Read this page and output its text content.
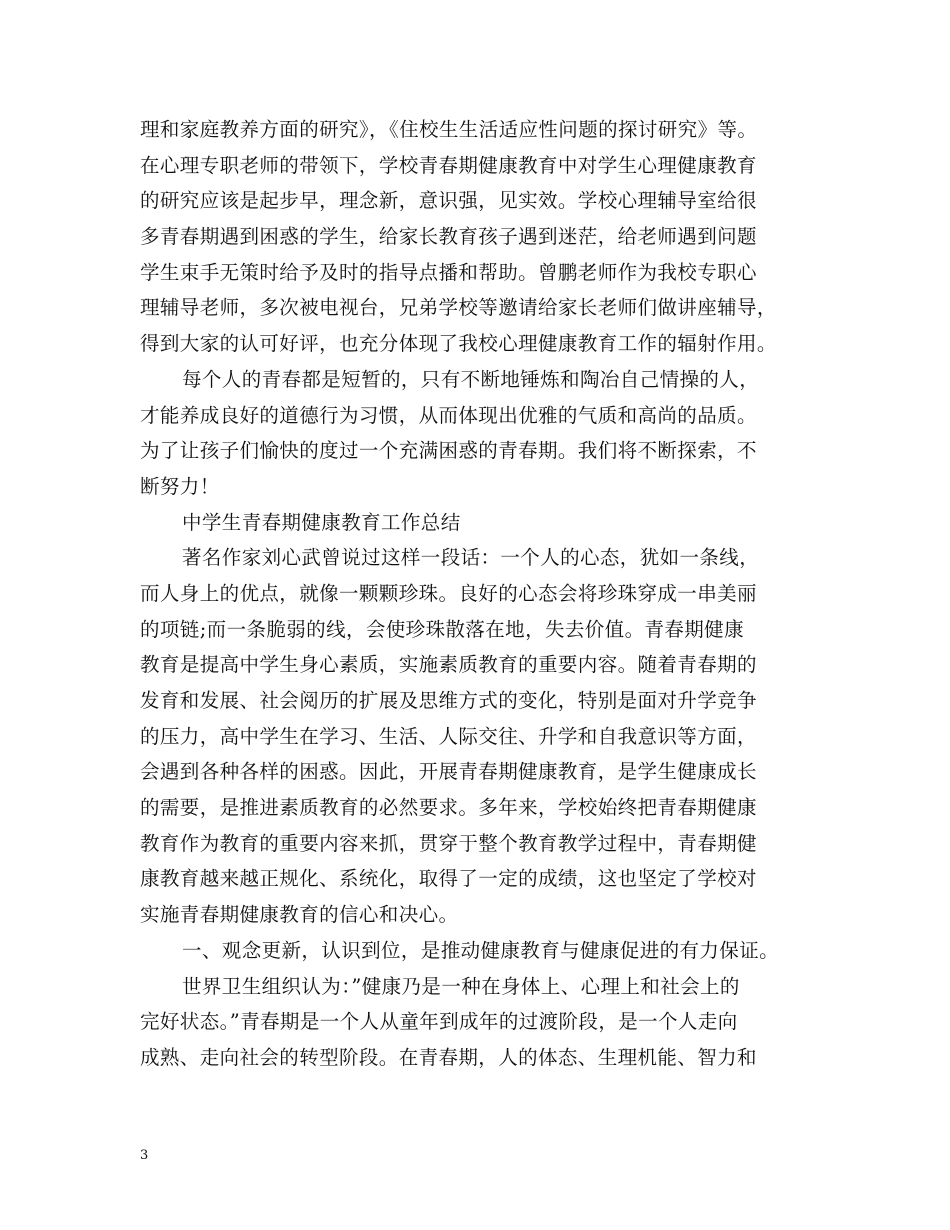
理和家庭教养方面的研究》，《住校生生活适应性问题的探讨研究》等。
在心理专职老师的带领下，学校青春期健康教育中对学生心理健康教育
的研究应该是起步早，理念新，意识强，见实效。学校心理辅导室给很
多青春期遇到困惑的学生，给家长教育孩子遇到迷茫，给老师遇到问题
学生束手无策时给予及时的指导点播和帮助。曾鹏老师作为我校专职心
理辅导老师，多次被电视台，兄弟学校等邀请给家长老师们做讲座辅导，
得到大家的认可好评，也充分体现了我校心理健康教育工作的辐射作用。
每个人的青春都是短暂的，只有不断地锤炼和陶冶自己情操的人，
才能养成良好的道德行为习惯，从而体现出优雅的气质和高尚的品质。
为了让孩子们愉快的度过一个充满困惑的青春期。我们将不断探索，不
断努力！
中学生青春期健康教育工作总结
著名作家刘心武曾说过这样一段话：一个人的心态，犹如一条线，
而人身上的优点，就像一颗颗珍珠。良好的心态会将珍珠穿成一串美丽
的项链;而一条脆弱的线，会使珍珠散落在地，失去价值。青春期健康
教育是提高中学生身心素质，实施素质教育的重要内容。随着青春期的
发育和发展、社会阅历的扩展及思维方式的变化，特别是面对升学竞争
的压力，高中学生在学习、生活、人际交往、升学和自我意识等方面，
会遇到各种各样的困惑。因此，开展青春期健康教育，是学生健康成长
的需要，是推进素质教育的必然要求。多年来，学校始终把青春期健康
教育作为教育的重要内容来抓，贯穿于整个教育教学过程中，青春期健
康教育越来越正规化、系统化，取得了一定的成绩，这也坚定了学校对
实施青春期健康教育的信心和决心。
一、观念更新，认识到位，是推动健康教育与健康促进的有力保证。
世界卫生组织认为：”健康乃是一种在身体上、心理上和社会上的
完好状态。”青春期是一个人从童年到成年的过渡阶段，是一个人走向
成熟、走向社会的转型阶段。在青春期，人的体态、生理机能、智力和
3
